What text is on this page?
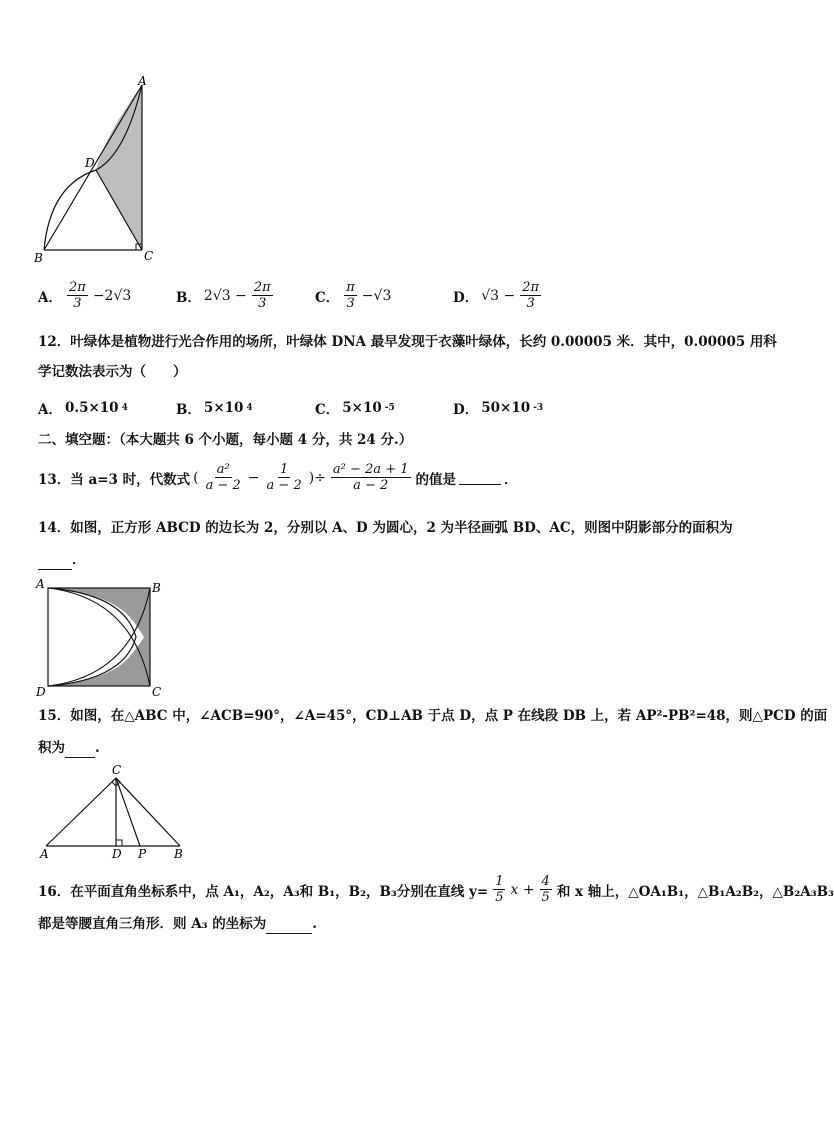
A
B	C
D
A． $\frac{2\pi}{3} -2√3$	B． $2√3 - \frac{2\pi}{3}$	C． $\frac{\pi}{3} -√3$	D． $√3 - \frac{2\pi}{3}$
12．叶绿体是植物进行光合作用的场所，叶绿体 DNA 最早发现于衣藻叶绿体，长约 0.00005 米．其中，0.00005 用科
学记数法表示为（　　）
A． 0.5×10 4	B． 5×10 4	C． 5×10 -5	D． 50×10 -3
二、填空题：（本大题共 6 个小题，每小题 4 分，共 24 分.）
13．当 a=3 时，代数式 ( $\frac{\text{a²}}{a - 2} - \frac{1}{a - 2}$ )÷ $\frac{\text{a² − 2a + 1}}{a - 2}$ 的值是	．
14．如图，正方形 ABCD 的边长为 2，分别以 A、D 为圆心，2 为半径画弧 BD、AC，则图中阴影部分的面积为
．
A	B
C
D
15．如图，在△ABC 中，∠ACB=90°，∠A=45°，CD⊥AB 于点 D，点 P 在线段 DB 上，若 AP²-PB²=48，则△PCD 的面
积为 .
C
A	D P B
16．在平面直角坐标系中，点 A₁，A₂，A₃和 B₁，B₂，B₃分别在直线 $y= \frac{1}{5}$ $x + \frac{4}{5}$ 和 x 轴上，△OA₁B₁，△B₁A₂B₂，△B₂A₃B₃
都是等腰直角三角形．则 A₃ 的坐标为	.
